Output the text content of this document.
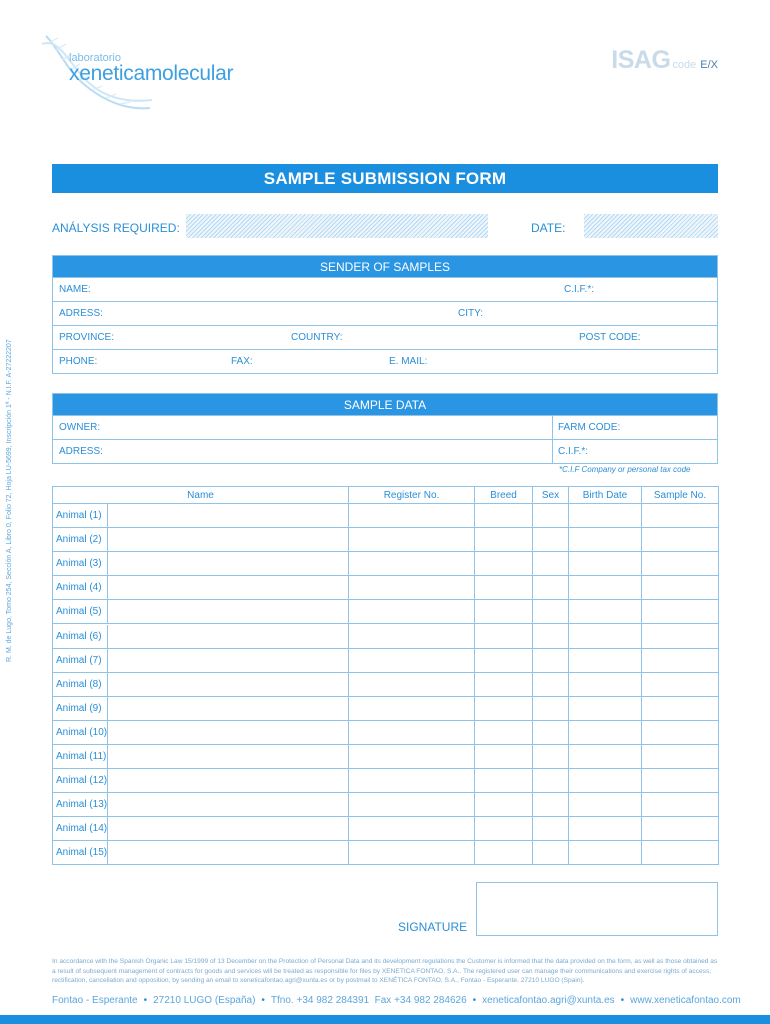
laboratorio
xeneticamolecular	ISAG code E/X
SAMPLE SUBMISSION FORM
ANÁLYSIS REQUIRED:	DATE:
SENDER OF SAMPLES
NAME:	C.I.F.*:
ADRESS:	CITY:
PROVINCE:	COUNTRY:	POST CODE:
PHONE:	FAX:	E. MAIL:
SAMPLE DATA
OWNER:	FARM CODE:
ADRESS:	C.I.F.*:
*C.I.F Company or personal tax code
Name	Register No.	Breed	Sex	Birth Date	Sample No.
Animal (1)					
Animal (2)					
Animal (3)					
Animal (4)					
Animal (5)					
Animal (6)					
Animal (7)					
Animal (8)					
Animal (9)					
Animal (10)					
Animal (11)					
Animal (12)					
Animal (13)					
Animal (14)					
Animal (15)					
SIGNATURE
In accordance with the Spanish Organic Law 15/1999 of 13 December on the Protection of Personal Data and its development regulations the Customer is informed that the data provided on the form, as well as those obtained as a result of subsequent management of contracts for goods and services will be treated as responsible for files by XENETICA FONTAO, S.A.. The registered user can manage their communications and exercise rights of access, rectification, cancellation and opposition, by sending an email to xeneticafontao.agri@xunta.es or by postmail to XENÉTICA FONTAO, S.A., Fontao - Esperante. 27210 LUGO (Spain).
Fontao - Esperante • 27210 LUGO (España) • Tfno. +34 982 284391 Fax +34 982 284626 • xeneticafontao.agri@xunta.es • www.xeneticafontao.com
R. M. de Lugo, Tomo 254, Sección A, Libro 0, Folio 72, Hoja LU-5699, Inscripción 1ª - N.I.F. A-27222207
